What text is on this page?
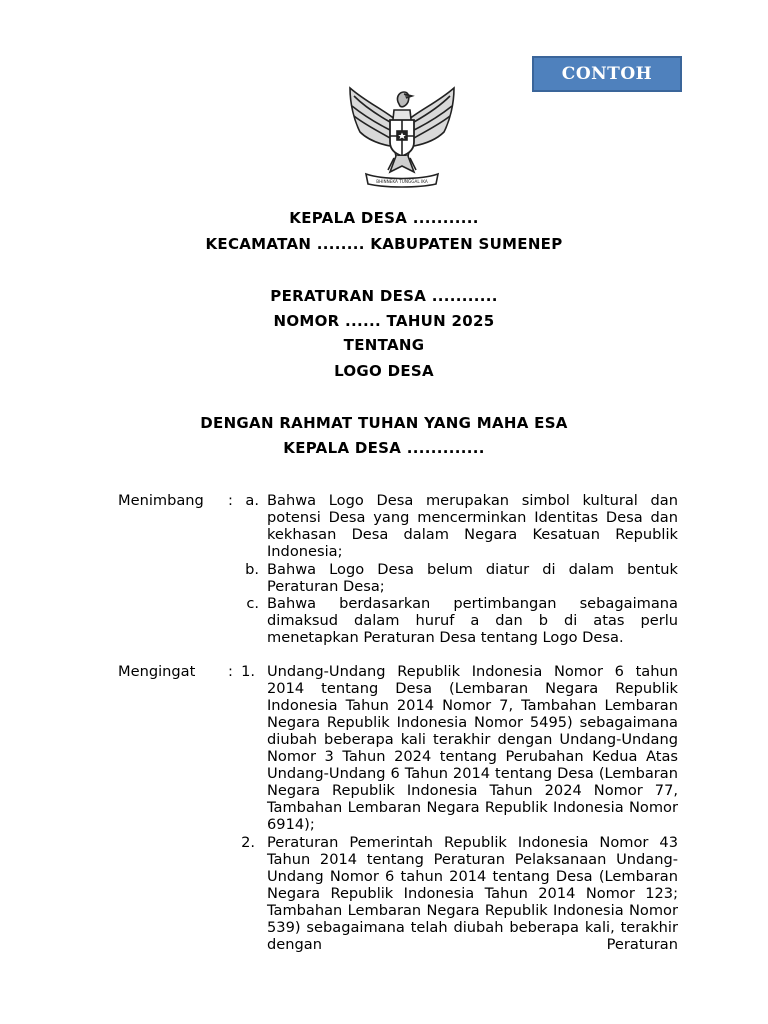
CONTOH
BHINNEKA TUNGGAL IKA
KEPALA DESA ...........
KECAMATAN ........ KABUPATEN SUMENEP
PERATURAN DESA ...........
NOMOR ...... TAHUN 2025
TENTANG
LOGO DESA
DENGAN RAHMAT TUHAN YANG MAHA ESA
KEPALA DESA .............
Menimbang : a. Bahwa Logo Desa merupakan simbol kultural dan potensi Desa yang mencerminkan Identitas Desa dan kekhasan Desa dalam Negara Kesatuan Republik Indonesia;
b. Bahwa Logo Desa belum diatur di dalam bentuk Peraturan Desa;
c. Bahwa berdasarkan pertimbangan sebagaimana dimaksud dalam huruf a dan b di atas perlu menetapkan Peraturan Desa tentang Logo Desa.
Mengingat : 1. Undang-Undang Republik Indonesia Nomor 6 tahun 2014 tentang Desa (Lembaran Negara Republik Indonesia Tahun 2014 Nomor 7, Tambahan Lembaran Negara Republik Indonesia Nomor 5495) sebagaimana diubah beberapa kali terakhir dengan Undang-Undang Nomor 3 Tahun 2024 tentang Perubahan Kedua Atas Undang-Undang 6 Tahun 2014 tentang Desa (Lembaran Negara Republik Indonesia Tahun 2024 Nomor 77, Tambahan Lembaran Negara Republik Indonesia Nomor 6914);
2. Peraturan Pemerintah Republik Indonesia Nomor 43 Tahun 2014 tentang Peraturan Pelaksanaan Undang-Undang Nomor 6 tahun 2014 tentang Desa (Lembaran Negara Republik Indonesia Tahun 2014 Nomor 123; Tambahan Lembaran Negara Republik Indonesia Nomor 539) sebagaimana telah diubah beberapa kali, terakhir dengan Peraturan
